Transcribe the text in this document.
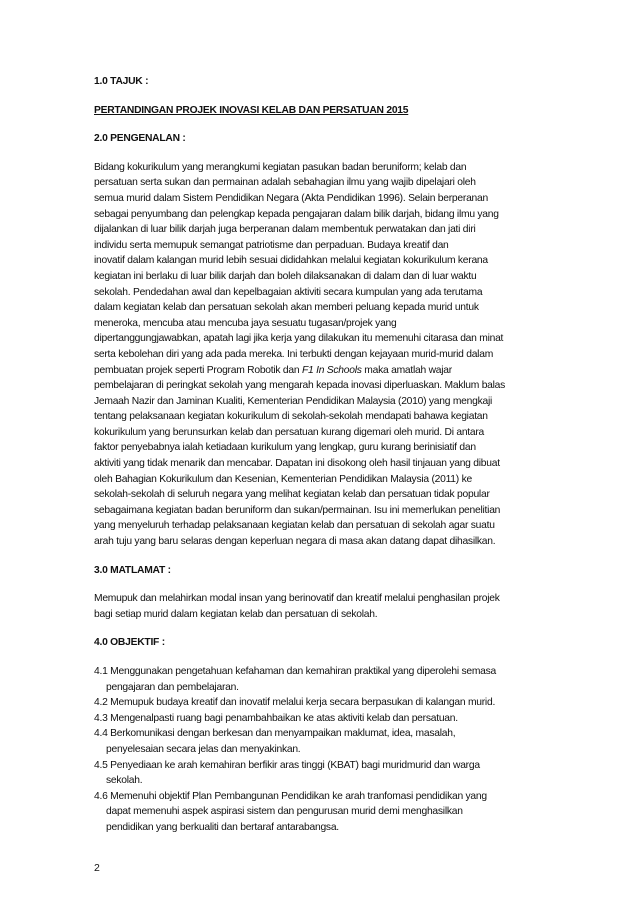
1.0 TAJUK :
PERTANDINGAN PROJEK INOVASI KELAB DAN PERSATUAN 2015
2.0 PENGENALAN :
Bidang kokurikulum yang merangkumi kegiatan pasukan badan beruniform; kelab dan
persatuan serta sukan dan permainan adalah sebahagian ilmu yang wajib dipelajari oleh
semua murid dalam Sistem Pendidikan Negara (Akta Pendidikan 1996). Selain berperanan
sebagai penyumbang dan pelengkap kepada pengajaran dalam bilik darjah, bidang ilmu yang
dijalankan di luar bilik darjah juga berperanan dalam membentuk perwatakan dan jati diri
individu serta memupuk semangat patriotisme dan perpaduan. Budaya kreatif dan
inovatif dalam kalangan murid lebih sesuai dididahkan melalui kegiatan kokurikulum kerana
kegiatan ini berlaku di luar bilik darjah dan boleh dilaksanakan di dalam dan di luar waktu
sekolah. Pendedahan awal dan kepelbagaian aktiviti secara kumpulan yang ada terutama
dalam kegiatan kelab dan persatuan sekolah akan memberi peluang kepada murid untuk
meneroka, mencuba atau mencuba jaya sesuatu tugasan/projek yang
dipertanggungjawabkan, apatah lagi jika kerja yang dilakukan itu memenuhi citarasa dan minat
serta kebolehan diri yang ada pada mereka. Ini terbukti dengan kejayaan murid-murid dalam
pembuatan projek seperti Program Robotik dan F1 In Schools maka amatlah wajar
pembelajaran di peringkat sekolah yang mengarah kepada inovasi diperluaskan. Maklum balas
Jemaah Nazir dan Jaminan Kualiti, Kementerian Pendidikan Malaysia (2010) yang mengkaji
tentang pelaksanaan kegiatan kokurikulum di sekolah-sekolah mendapati bahawa kegiatan
kokurikulum yang berunsurkan kelab dan persatuan kurang digemari oleh murid. Di antara
faktor penyebabnya ialah ketiadaan kurikulum yang lengkap, guru kurang berinisiatif dan
aktiviti yang tidak menarik dan mencabar. Dapatan ini disokong oleh hasil tinjauan yang dibuat
oleh Bahagian Kokurikulum dan Kesenian, Kementerian Pendidikan Malaysia (2011) ke
sekolah-sekolah di seluruh negara yang melihat kegiatan kelab dan persatuan tidak popular
sebagaimana kegiatan badan beruniform dan sukan/permainan. Isu ini memerlukan penelitian
yang menyeluruh terhadap pelaksanaan kegiatan kelab dan persatuan di sekolah agar suatu
arah tuju yang baru selaras dengan keperluan negara di masa akan datang dapat dihasilkan.
3.0 MATLAMAT :
Memupuk dan melahirkan modal insan yang berinovatif dan kreatif melalui penghasilan projek
bagi setiap murid dalam kegiatan kelab dan persatuan di sekolah.
4.0 OBJEKTIF :
4.1 Menggunakan pengetahuan kefahaman dan kemahiran praktikal yang diperolehi semasa
pengajaran dan pembelajaran.
4.2 Memupuk budaya kreatif dan inovatif melalui kerja secara berpasukan di kalangan murid.
4.3 Mengenalpasti ruang bagi penambahbaikan ke atas aktiviti kelab dan persatuan.
4.4 Berkomunikasi dengan berkesan dan menyampaikan maklumat, idea, masalah,
penyelesaian secara jelas dan menyakinkan.
4.5 Penyediaan ke arah kemahiran berfikir aras tinggi (KBAT) bagi muridmurid dan warga
sekolah.
4.6 Memenuhi objektif Plan Pembangunan Pendidikan ke arah tranfomasi pendidikan yang
dapat memenuhi aspek aspirasi sistem dan pengurusan murid demi menghasilkan
pendidikan yang berkualiti dan bertaraf antarabangsa.
2
